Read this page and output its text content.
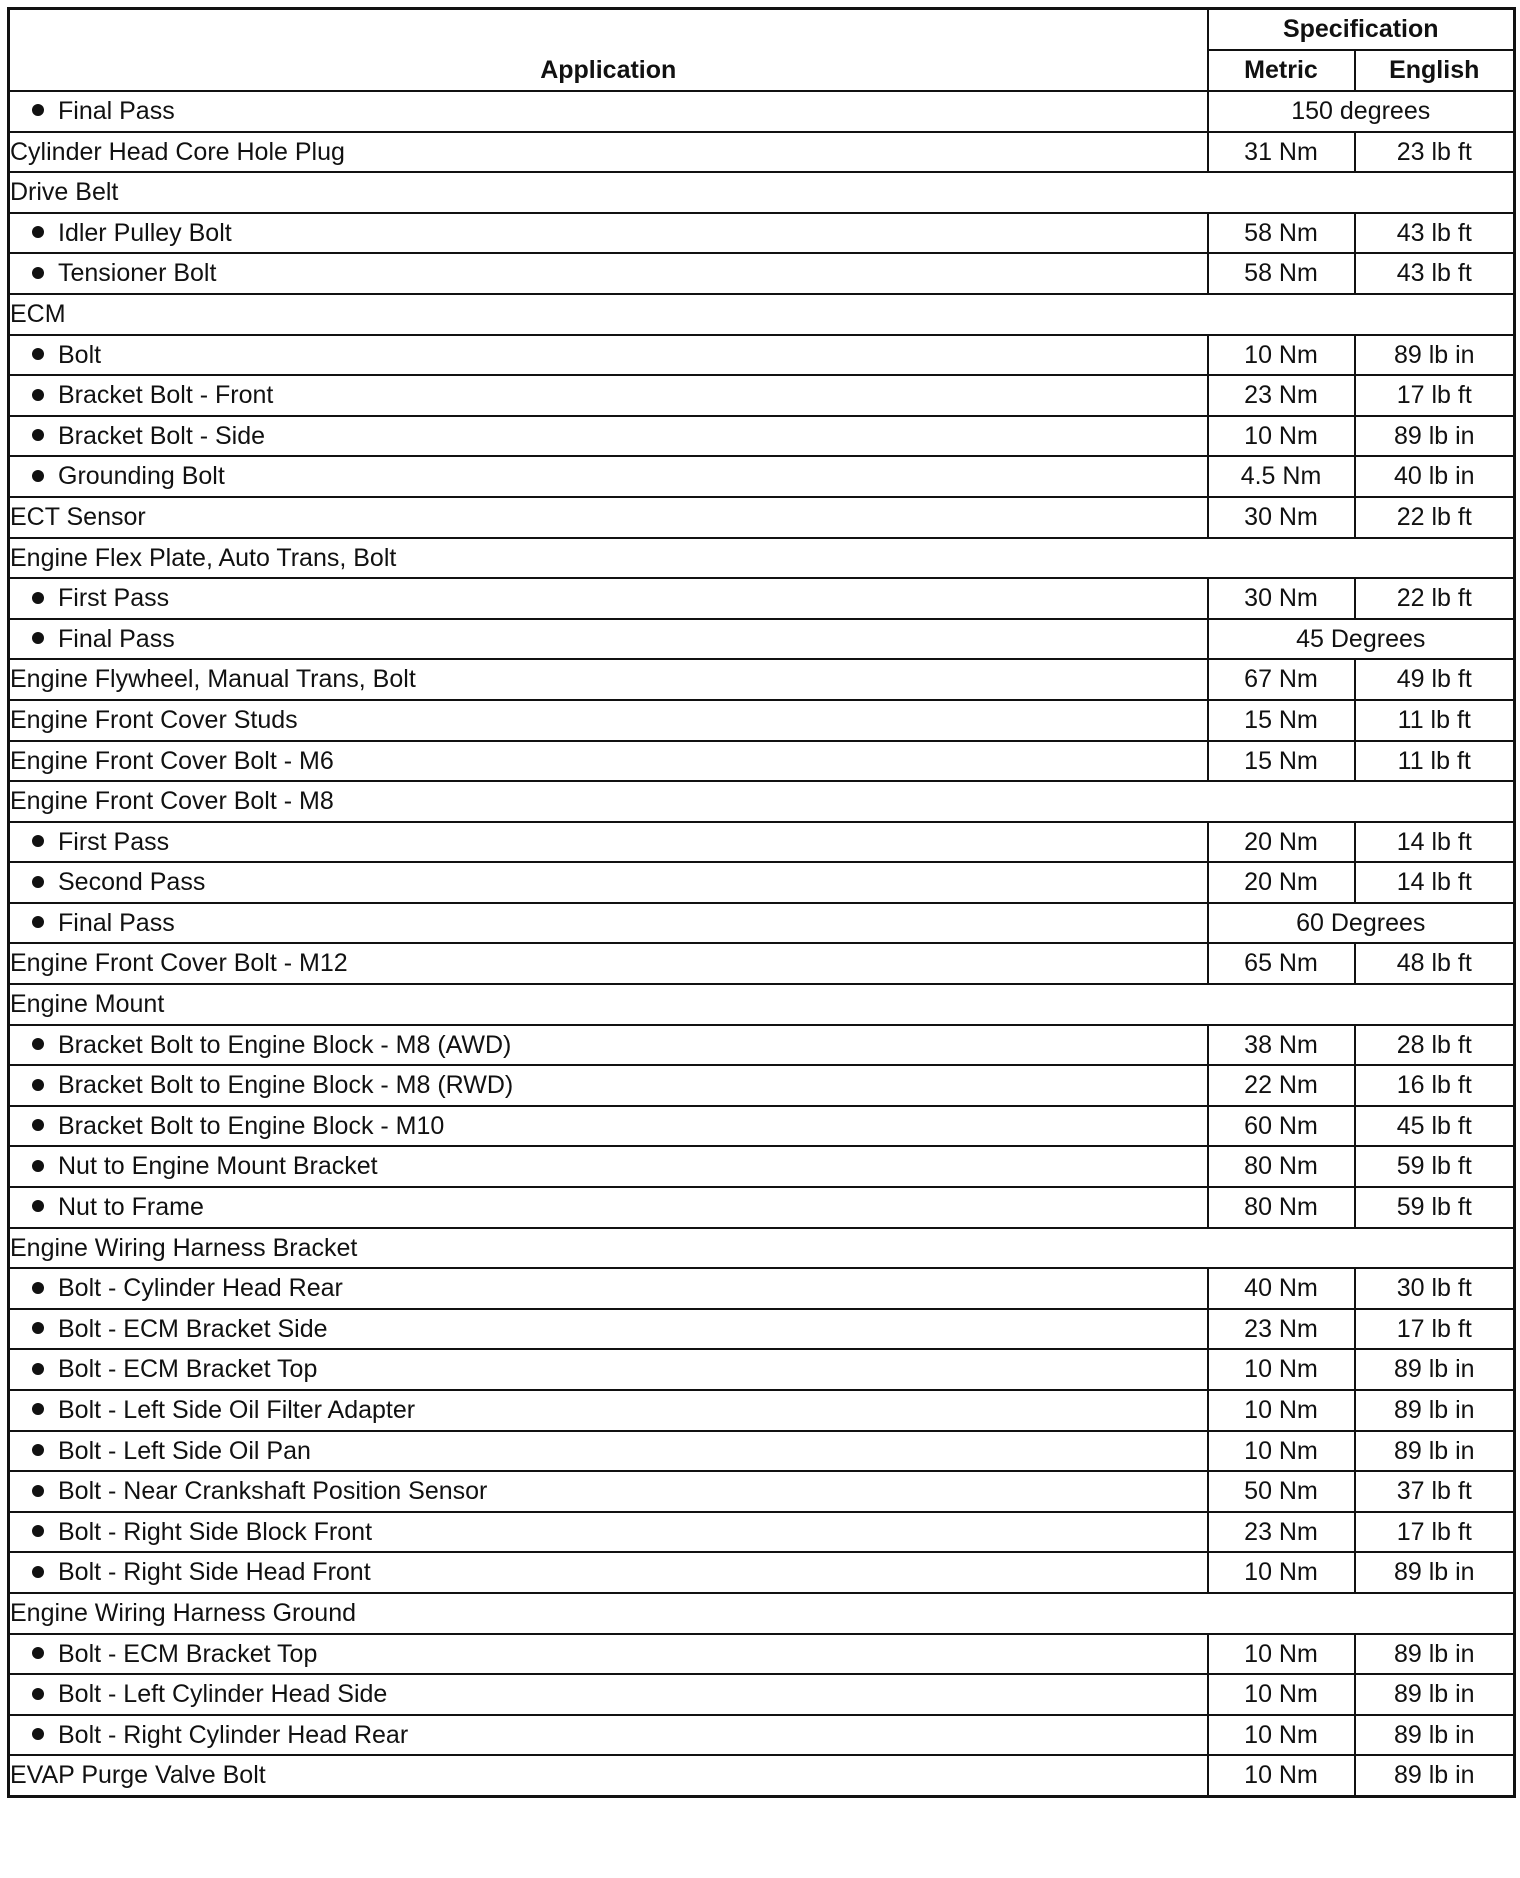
Application	Specification	
	Metric	English
Final Pass	150 degrees	
Cylinder Head Core Hole Plug	31 Nm	23 lb ft
Drive Belt		
Idler Pulley Bolt	58 Nm	43 lb ft
Tensioner Bolt	58 Nm	43 lb ft
ECM		
Bolt	10 Nm	89 lb in
Bracket Bolt - Front	23 Nm	17 lb ft
Bracket Bolt - Side	10 Nm	89 lb in
Grounding Bolt	4.5 Nm	40 lb in
ECT Sensor	30 Nm	22 lb ft
Engine Flex Plate, Auto Trans, Bolt		
First Pass	30 Nm	22 lb ft
Final Pass	45 Degrees	
Engine Flywheel, Manual Trans, Bolt	67 Nm	49 lb ft
Engine Front Cover Studs	15 Nm	11 lb ft
Engine Front Cover Bolt - M6	15 Nm	11 lb ft
Engine Front Cover Bolt - M8		
First Pass	20 Nm	14 lb ft
Second Pass	20 Nm	14 lb ft
Final Pass	60 Degrees	
Engine Front Cover Bolt - M12	65 Nm	48 lb ft
Engine Mount		
Bracket Bolt to Engine Block - M8 (AWD)	38 Nm	28 lb ft
Bracket Bolt to Engine Block - M8 (RWD)	22 Nm	16 lb ft
Bracket Bolt to Engine Block - M10	60 Nm	45 lb ft
Nut to Engine Mount Bracket	80 Nm	59 lb ft
Nut to Frame	80 Nm	59 lb ft
Engine Wiring Harness Bracket		
Bolt - Cylinder Head Rear	40 Nm	30 lb ft
Bolt - ECM Bracket Side	23 Nm	17 lb ft
Bolt - ECM Bracket Top	10 Nm	89 lb in
Bolt - Left Side Oil Filter Adapter	10 Nm	89 lb in
Bolt - Left Side Oil Pan	10 Nm	89 lb in
Bolt - Near Crankshaft Position Sensor	50 Nm	37 lb ft
Bolt - Right Side Block Front	23 Nm	17 lb ft
Bolt - Right Side Head Front	10 Nm	89 lb in
Engine Wiring Harness Ground		
Bolt - ECM Bracket Top	10 Nm	89 lb in
Bolt - Left Cylinder Head Side	10 Nm	89 lb in
Bolt - Right Cylinder Head Rear	10 Nm	89 lb in
EVAP Purge Valve Bolt	10 Nm	89 lb in
